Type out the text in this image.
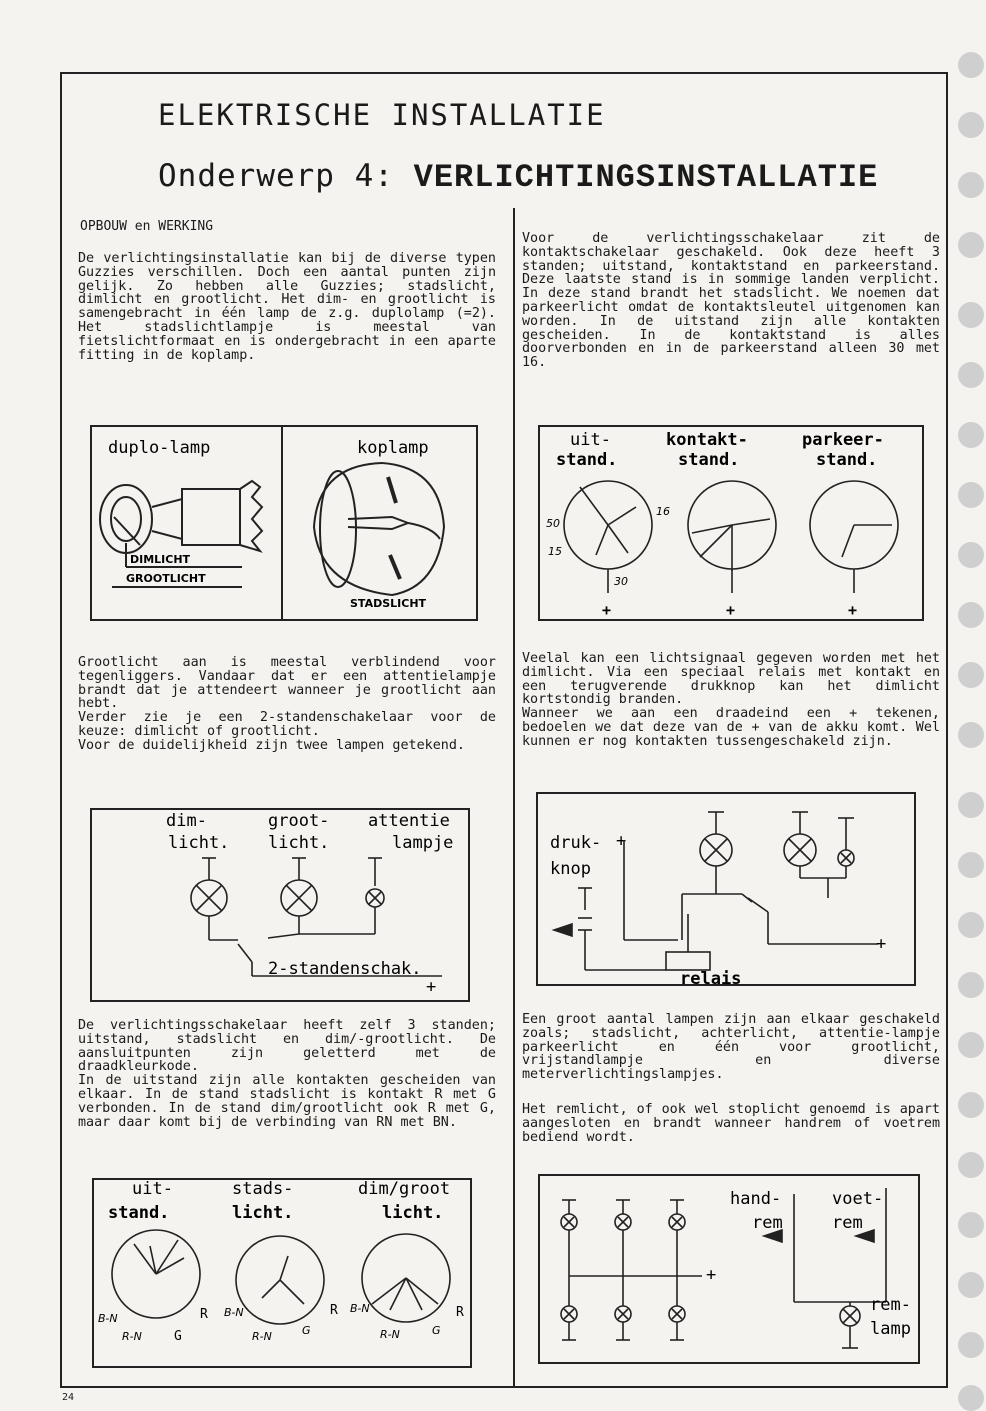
ELEKTRISCHE INSTALLATIE
Onderwerp 4: VERLICHTINGSINSTALLATIE
OPBOUW en WERKING
De verlichtingsinstallatie kan bij de diverse typen Guzzies verschillen. Doch een aantal punten zijn gelijk. Zo hebben alle Guzzies; stadslicht, dimlicht en grootlicht. Het dim- en grootlicht is samengebracht in één lamp de z.g. duplolamp (=2). Het stadslichtlampje is meestal van fietslichtformaat en is ondergebracht in een aparte fitting in de koplamp.
Voor de verlichtingsschakelaar zit de kontaktschakelaar geschakeld. Ook deze heeft 3 standen; uitstand, kontaktstand en parkeerstand. Deze laatste stand is in sommige landen verplicht. In deze stand brandt het stadslicht. We noemen dat parkeerlicht omdat de kontaktsleutel uitgenomen kan worden. In de uitstand zijn alle kontakten gescheiden. In de kontaktstand is alles doorverbonden en in de parkeerstand alleen 30 met 16.
duplo-lamp	koplamp
DIMLICHT
GROOTLICHT
STADSLICHT
uit-
stand.
kontakt-
stand.
parkeer-
stand.
50
15
16
30
+	+	+
Grootlicht aan is meestal verblindend voor tegenliggers. Vandaar dat er een attentielampje brandt dat je attendeert wanneer je grootlicht aan hebt.
Verder zie je een 2-standenschakelaar voor de keuze: dimlicht of grootlicht.
Voor de duidelijkheid zijn twee lampen getekend.
Veelal kan een lichtsignaal gegeven worden met het dimlicht. Via een speciaal relais met kontakt en een terugverende drukknop kan het dimlicht kortstondig branden.
Wanneer we aan een draadeind een + tekenen, bedoelen we dat deze van de + van de akku komt. Wel kunnen er nog kontakten tussengeschakeld zijn.
dim-
licht.
groot-
licht.
attentie
lampje
2-standenschak.
+
druk-
knop
+
+
relais
De verlichtingsschakelaar heeft zelf 3 standen; uitstand, stadslicht en dim/-grootlicht. De aansluitpunten zijn geletterd met de draadkleurkode.
In de uitstand zijn alle kontakten gescheiden van elkaar. In de stand stadslicht is kontakt R met G verbonden. In de stand dim/grootlicht ook R met G, maar daar komt bij de verbinding van RN met BN.
Een groot aantal lampen zijn aan elkaar geschakeld zoals; stadslicht, achterlicht, attentie-lampje parkeerlicht en één voor grootlicht, vrijstandlampje en diverse meterverlichtingslampjes.
Het remlicht, of ook wel stoplicht genoemd is apart aangesloten en brandt wanneer handrem of voetrem bediend wordt.
uit-
stand.
stads-
licht.
dim/groot
licht.
B-N
R-N G
R B-N
R-N	G
R B-N
R-N	G
R
+
hand-
rem
voet-
rem
rem-
lamp
24
